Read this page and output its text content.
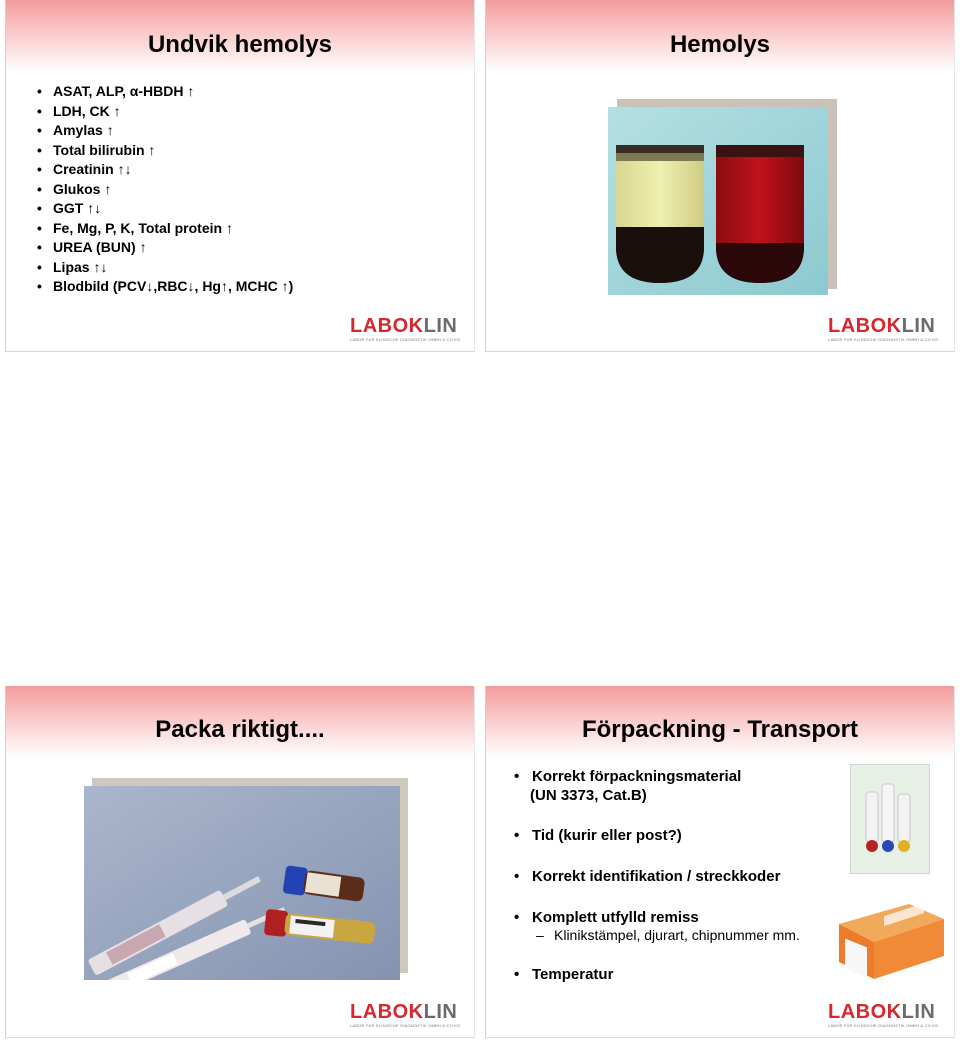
Undvik hemolys
• ASAT, ALP, α-HBDH ↑
• LDH, CK ↑
• Amylas ↑
• Total bilirubin ↑
• Creatinin ↑↓
• Glukos ↑
• GGT ↑↓
• Fe, Mg, P, K, Total protein ↑
• UREA (BUN) ↑
• Lipas ↑↓
• Blodbild (PCV↓,RBC↓, Hg↑, MCHC ↑)
LABOKLIN
LABOR FÜR KLINISCHE DIAGNOSTIK GMBH & CO KG
Hemolys
LABOKLIN
LABOR FÜR KLINISCHE DIAGNOSTIK GMBH & CO KG
Packa riktigt....
LABOKLIN
LABOR FÜR KLINISCHE DIAGNOSTIK GMBH & CO KG
Förpackning - Transport
• Korrekt förpackningsmaterial
(UN 3373, Cat.B)
• Tid (kurir eller post?)
• Korrekt identifikation / streckkoder
• Komplett utfylld remiss
– Klinikstämpel, djurart, chipnummer mm.
• Temperatur
LABOKLIN
LABOR FÜR KLINISCHE DIAGNOSTIK GMBH & CO KG
